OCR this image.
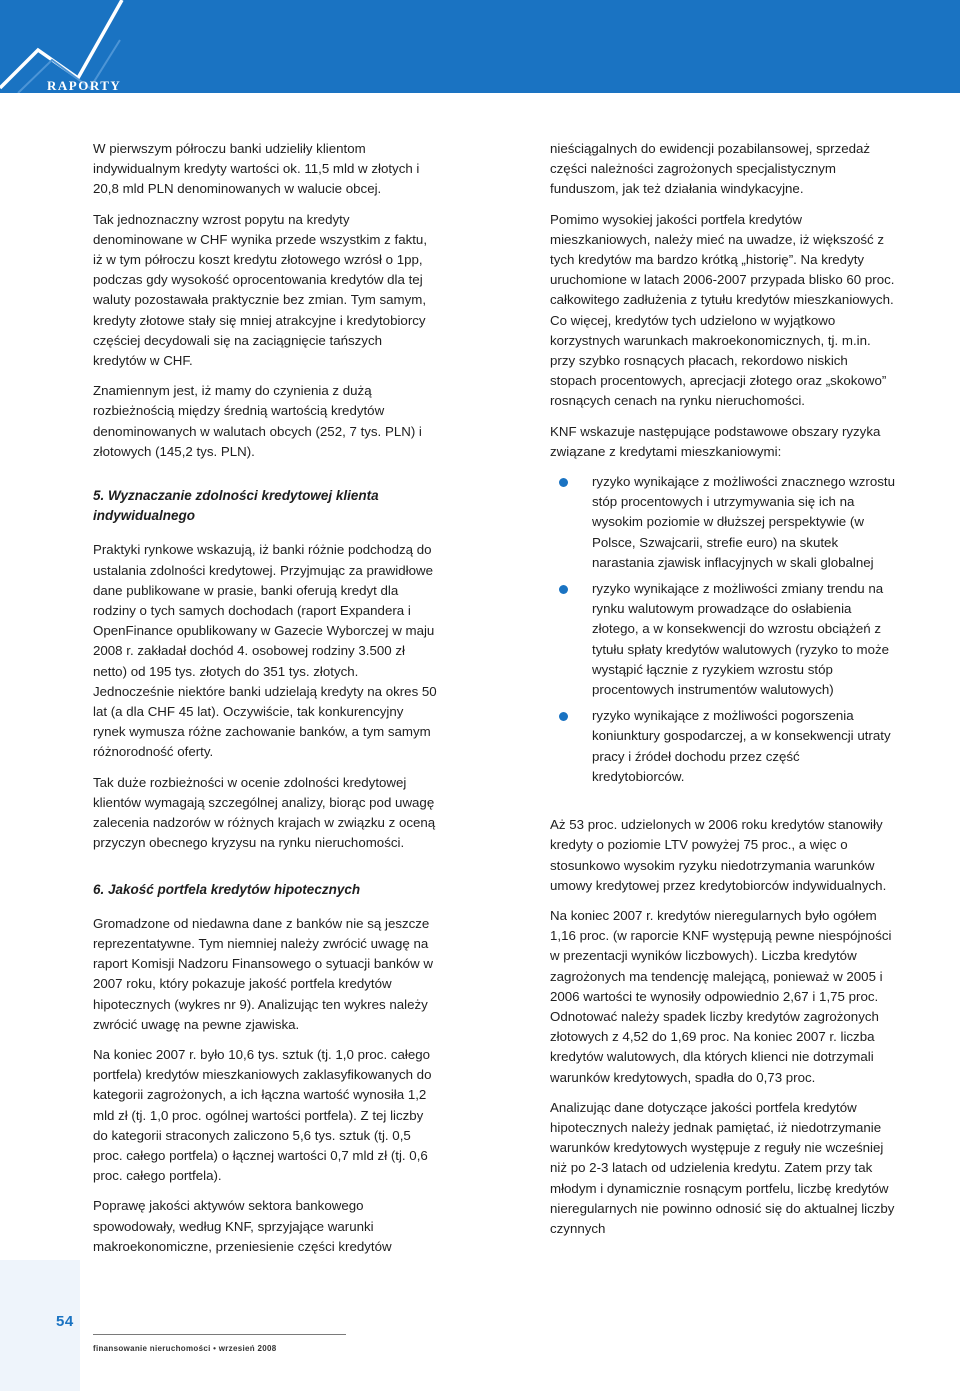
RAPORTY

W pierwszym półroczu banki udzieliły klientom indywidualnym kredyty wartości ok. 11,5 mld w złotych i 20,8 mld PLN denominowanych w walucie obcej.

Tak jednoznaczny wzrost popytu na kredyty denominowane w CHF wynika przede wszystkim z faktu, iż w tym półroczu koszt kredytu złotowego wzrósł o 1pp, podczas gdy wysokość oprocentowania kredytów dla tej waluty pozostawała praktycznie bez zmian. Tym samym, kredyty złotowe stały się mniej atrakcyjne i kredytobiorcy częściej decydowali się na zaciągnięcie tańszych kredytów w CHF.

Znamiennym jest, iż mamy do czynienia z dużą rozbieżnością między średnią wartością kredytów denominowanych w walutach obcych (252, 7 tys. PLN) i złotowych (145,2 tys. PLN).

5. Wyznaczanie zdolności kredytowej klienta indywidualnego

Praktyki rynkowe wskazują, iż banki różnie podchodzą do ustalania zdolności kredytowej. Przyjmując za prawidłowe dane publikowane w prasie, banki oferują kredyt dla rodziny o tych samych dochodach (raport Expandera i OpenFinance opublikowany w Gazecie Wyborczej w maju 2008 r. zakładał dochód 4. osobowej rodziny 3.500 zł netto) od 195 tys. złotych do 351 tys. złotych. Jednocześnie niektóre banki udzielają kredyty na okres 50 lat (a dla CHF 45 lat). Oczywiście, tak konkurencyjny rynek wymusza różne zachowanie banków, a tym samym różnorodność oferty.

Tak duże rozbieżności w ocenie zdolności kredytowej klientów wymagają szczególnej analizy, biorąc pod uwagę zalecenia nadzorów w różnych krajach w związku z oceną przyczyn obecnego kryzysu na rynku nieruchomości.

6. Jakość portfela kredytów hipotecznych

Gromadzone od niedawna dane z banków nie są jeszcze reprezentatywne. Tym niemniej należy zwrócić uwagę na raport Komisji Nadzoru Finansowego o sytuacji banków w 2007 roku, który pokazuje jakość portfela kredytów hipotecznych (wykres nr 9). Analizując ten wykres należy zwrócić uwagę na pewne zjawiska.

Na koniec 2007 r. było 10,6 tys. sztuk (tj. 1,0 proc. całego portfela) kredytów mieszkaniowych zaklasyfikowanych do kategorii zagrożonych, a ich łączna wartość wynosiła 1,2 mld zł (tj. 1,0 proc. ogólnej wartości portfela). Z tej liczby do kategorii straconych zaliczono 5,6 tys. sztuk (tj. 0,5 proc. całego portfela) o łącznej wartości 0,7 mld zł (tj. 0,6 proc. całego portfela).

Poprawę jakości aktywów sektora bankowego spowodowały, według KNF, sprzyjające warunki makroekonomiczne, przeniesienie części kredytów

nieściągalnych do ewidencji pozabilansowej, sprzedaż części należności zagrożonych specjalistycznym funduszom, jak też działania windykacyjne.

Pomimo wysokiej jakości portfela kredytów mieszkaniowych, należy mieć na uwadze, iż większość z tych kredytów ma bardzo krótką „historię”. Na kredyty uruchomione w latach 2006-2007 przypada blisko 60 proc. całkowitego zadłużenia z tytułu kredytów mieszkaniowych. Co więcej, kredytów tych udzielono w wyjątkowo korzystnych warunkach makroekonomicznych, tj. m.in. przy szybko rosnących płacach, rekordowo niskich stopach procentowych, aprecjacji złotego oraz „skokowo” rosnących cenach na rynku nieruchomości.

KNF wskazuje następujące podstawowe obszary ryzyka związane z kredytami mieszkaniowymi:

ryzyko wynikające z możliwości znacznego wzrostu stóp procentowych i utrzymywania się ich na wysokim poziomie w dłuższej perspektywie (w Polsce, Szwajcarii, strefie euro) na skutek narastania zjawisk inflacyjnych w skali globalnej
ryzyko wynikające z możliwości zmiany trendu na rynku walutowym prowadzące do osłabienia złotego, a w konsekwencji do wzrostu obciążeń z tytułu spłaty kredytów walutowych (ryzyko to może wystąpić łącznie z ryzykiem wzrostu stóp procentowych instrumentów walutowych)
ryzyko wynikające z możliwości pogorszenia koniunktury gospodarczej, a w konsekwencji utraty pracy i źródeł dochodu przez część kredytobiorców.

Aż 53 proc. udzielonych w 2006 roku kredytów stanowiły kredyty o poziomie LTV powyżej 75 proc., a więc o stosunkowo wysokim ryzyku niedotrzymania warunków umowy kredytowej przez kredytobiorców indywidualnych.

Na koniec 2007 r. kredytów nieregularnych było ogółem 1,16 proc. (w raporcie KNF występują pewne niespójności w prezentacji wyników liczbowych). Liczba kredytów zagrożonych ma tendencję malejącą, ponieważ w 2005 i 2006 wartości te wynosiły odpowiednio 2,67 i 1,75 proc. Odnotować należy spadek liczby kredytów zagrożonych złotowych z 4,52 do 1,69 proc. Na koniec 2007 r. liczba kredytów walutowych, dla których klienci nie dotrzymali warunków kredytowych, spadła do 0,73 proc.

Analizując dane dotyczące jakości portfela kredytów hipotecznych należy jednak pamiętać, iż niedotrzymanie warunków kredytowych występuje z reguły nie wcześniej niż po 2-3 latach od udzielenia kredytu. Zatem przy tak młodym i dynamicznie rosnącym portfelu, liczbę kredytów nieregularnych nie powinno odnosić się do aktualnej liczby czynnych

54
finansowanie nieruchomości • wrzesień 2008
